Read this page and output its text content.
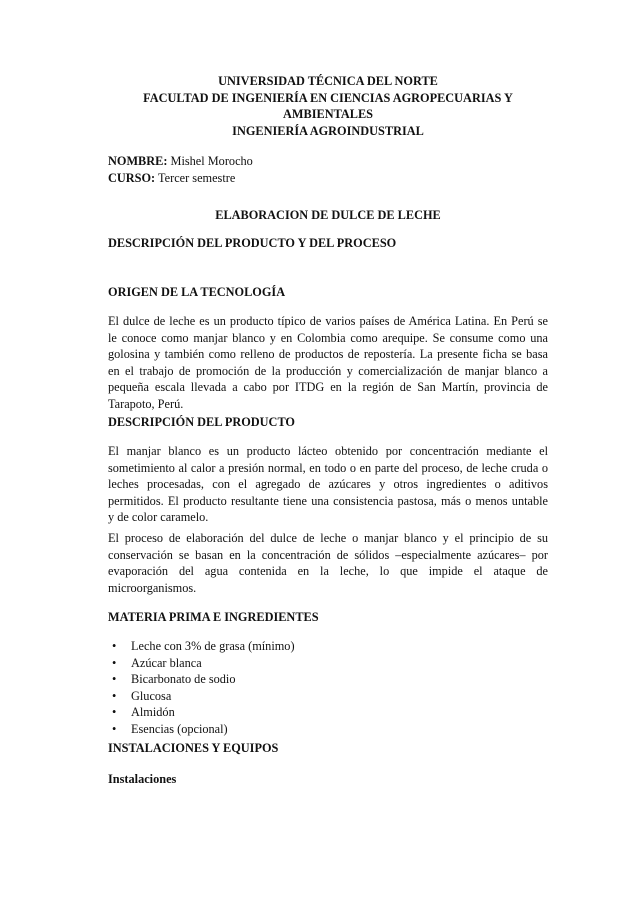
UNIVERSIDAD TÉCNICA DEL NORTE
FACULTAD DE INGENIERÍA EN CIENCIAS AGROPECUARIAS Y
AMBIENTALES
INGENIERÍA AGROINDUSTRIAL
NOMBRE: Mishel Morocho
CURSO: Tercer semestre
ELABORACION DE DULCE DE LECHE
DESCRIPCIÓN DEL PRODUCTO Y DEL PROCESO
ORIGEN DE LA TECNOLOGÍA
El dulce de leche es un producto típico de varios países de América Latina. En Perú se
le conoce como manjar blanco y en Colombia como arequipe. Se consume como una
golosina y también como relleno de productos de repostería. La presente ficha se basa
en el trabajo de promoción de la producción y comercialización de manjar blanco a
pequeña escala llevada a cabo por ITDG en la región de San Martín, provincia de
Tarapoto, Perú.
DESCRIPCIÓN DEL PRODUCTO
El manjar blanco es un producto lácteo obtenido por concentración mediante el
sometimiento al calor a presión normal, en todo o en parte del proceso, de leche cruda o
leches procesadas, con el agregado de azúcares y otros ingredientes o aditivos
permitidos. El producto resultante tiene una consistencia pastosa, más o menos untable
y de color caramelo.
El proceso de elaboración del dulce de leche o manjar blanco y el principio de su
conservación se basan en la concentración de sólidos –especialmente azúcares– por
evaporación del agua contenida en la leche, lo que impide el ataque de
microorganismos.
MATERIA PRIMA E INGREDIENTES
• Leche con 3% de grasa (mínimo)
• Azúcar blanca
• Bicarbonato de sodio
• Glucosa
• Almidón
• Esencias (opcional)
INSTALACIONES Y EQUIPOS
Instalaciones
